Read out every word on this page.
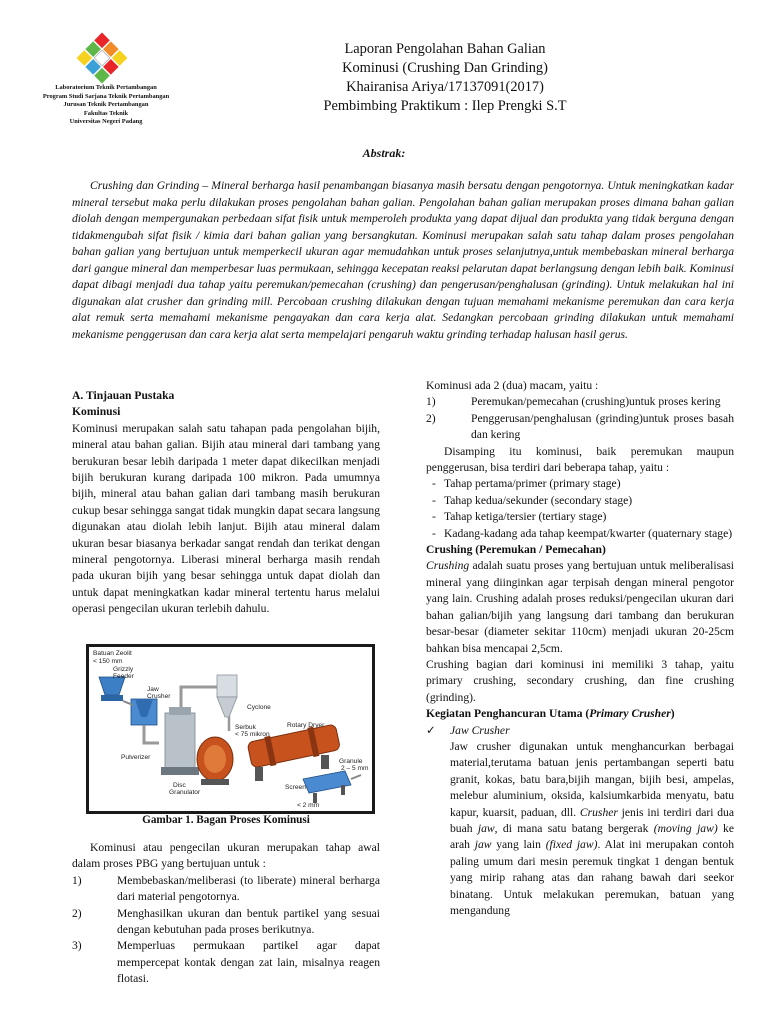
Laboratorium Teknik Pertambangan
Program Studi Sarjana Teknik Pertambangan
Jurusan Teknik Pertambangan
Fakultas Teknik
Universitas Negeri Padang
Laporan Pengolahan Bahan Galian
Kominusi (Crushing Dan Grinding)
Khairanisa Ariya/17137091(2017)
Pembimbing Praktikum : Ilep Prengki S.T
Abstrak:

Crushing dan Grinding – Mineral berharga hasil penambangan biasanya masih bersatu dengan pengotornya. Untuk meningkatkan kadar mineral tersebut maka perlu dilakukan proses pengolahan bahan galian. Pengolahan bahan galian merupakan proses dimana bahan galian diolah dengan mempergunakan perbedaan sifat fisik untuk memperoleh produkta yang dapat dijual dan produkta yang tidak berguna dengan tidakmengubah sifat fisik / kimia dari bahan galian yang bersangkutan. Kominusi merupakan salah satu tahap dalam proses pengolahan bahan galian yang bertujuan untuk memperkecil ukuran agar memudahkan untuk proses selanjutnya,untuk membebaskan mineral berharga dari gangue mineral dan memperbesar luas permukaan, sehingga kecepatan reaksi pelarutan dapat berlangsung dengan lebih baik. Kominusi dapat dibagi menjadi dua tahap yaitu peremukan/pemecahan (crushing) dan pengerusan/penghalusan (grinding). Untuk melakukan hal ini digunakan alat crusher dan grinding mill. Percobaan crushing dilakukan dengan tujuan memahami mekanisme peremukan dan cara kerja alat remuk serta memahami mekanisme pengayakan dan cara kerja alat. Sedangkan percobaan grinding dilakukan untuk memahami mekanisme penggerusan dan cara kerja alat serta mempelajari pengaruh waktu grinding terhadap halusan hasil gerus.

A. Tinjauan Pustaka

Kominusi

Kominusi merupakan salah satu tahapan pada pengolahan bijih, mineral atau bahan galian. Bijih atau mineral dari tambang yang berukuran besar lebih daripada 1 meter dapat dikecilkan menjadi bijih berukuran kurang daripada 100 mikron. Pada umumnya bijih, mineral atau bahan galian dari tambang masih berukuran cukup besar sehingga sangat tidak mungkin dapat secara langsung digunakan atau diolah lebih lanjut. Bijih atau mineral dalam ukuran besar biasanya berkadar sangat rendah dan terikat dengan mineral pengotornya. Liberasi mineral berharga masih rendah pada ukuran bijih yang besar sehingga untuk dapat diolah dan untuk dapat meningkatkan kadar mineral tertentu harus melalui operasi pengecilan ukuran terlebih dahulu.

Batuan Zeolit
< 150 mm
Grizzly
Feeder
Jaw
Crusher
Cyclone
Serbuk
< 75 mikron
Rotary Dryer
Pulverizer
Disc
Granulator
Granule
2 – 5 mm
Screen
< 2 mm
Gambar 1. Bagan Proses Kominusi

Kominusi atau pengecilan ukuran merupakan tahap awal dalam proses PBG yang bertujuan untuk :

1)	Membebaskan/meliberasi (to liberate) mineral berharga dari material pengotornya.
2)	Menghasilkan ukuran dan bentuk partikel yang sesuai dengan kebutuhan pada proses berikutnya.
3)	Memperluas permukaan partikel agar dapat mempercepat kontak dengan zat lain, misalnya reagen flotasi.

Kominusi ada 2 (dua) macam, yaitu :

1)	Peremukan/pemecahan (crushing)untuk proses kering
2)	Penggerusan/penghalusan (grinding)untuk proses basah dan kering

Disamping itu kominusi, baik peremukan maupun penggerusan, bisa terdiri dari beberapa tahap, yaitu :

- Tahap pertama/primer (primary stage)
- Tahap kedua/sekunder (secondary stage)
- Tahap ketiga/tersier (tertiary stage)
- Kadang-kadang ada tahap keempat/kwarter (quaternary stage)

Crushing (Peremukan / Pemecahan)

Crushing adalah suatu proses yang bertujuan untuk meliberalisasi mineral yang diinginkan agar terpisah dengan mineral pengotor yang lain. Crushing adalah proses reduksi/pengecilan ukuran dari bahan galian/bijih yang langsung dari tambang dan berukuran besar-besar (diameter sekitar 110cm) menjadi ukuran 20-25cm bahkan bisa mencapai 2,5cm.

Crushing bagian dari kominusi ini memiliki 3 tahap, yaitu primary crushing, secondary crushing, dan fine crushing (grinding).

Kegiatan Penghancuran Utama (Primary Crusher)

✓	Jaw Crusher

Jaw crusher digunakan untuk menghancurkan berbagai material,terutama batuan jenis pertambangan seperti batu granit, kokas, batu bara,bijih mangan, bijih besi, ampelas, melebur aluminium, oksida, kalsiumkarbida menyatu, batu kapur, kuarsit, paduan, dll. Crusher jenis ini terdiri dari dua buah jaw, di mana satu batang bergerak (moving jaw) ke arah jaw yang lain (fixed jaw). Alat ini merupakan contoh paling umum dari mesin peremuk tingkat 1 dengan bentuk yang mirip rahang atas dan rahang bawah dari seekor binatang. Untuk melakukan peremukan, batuan yang mengandung
